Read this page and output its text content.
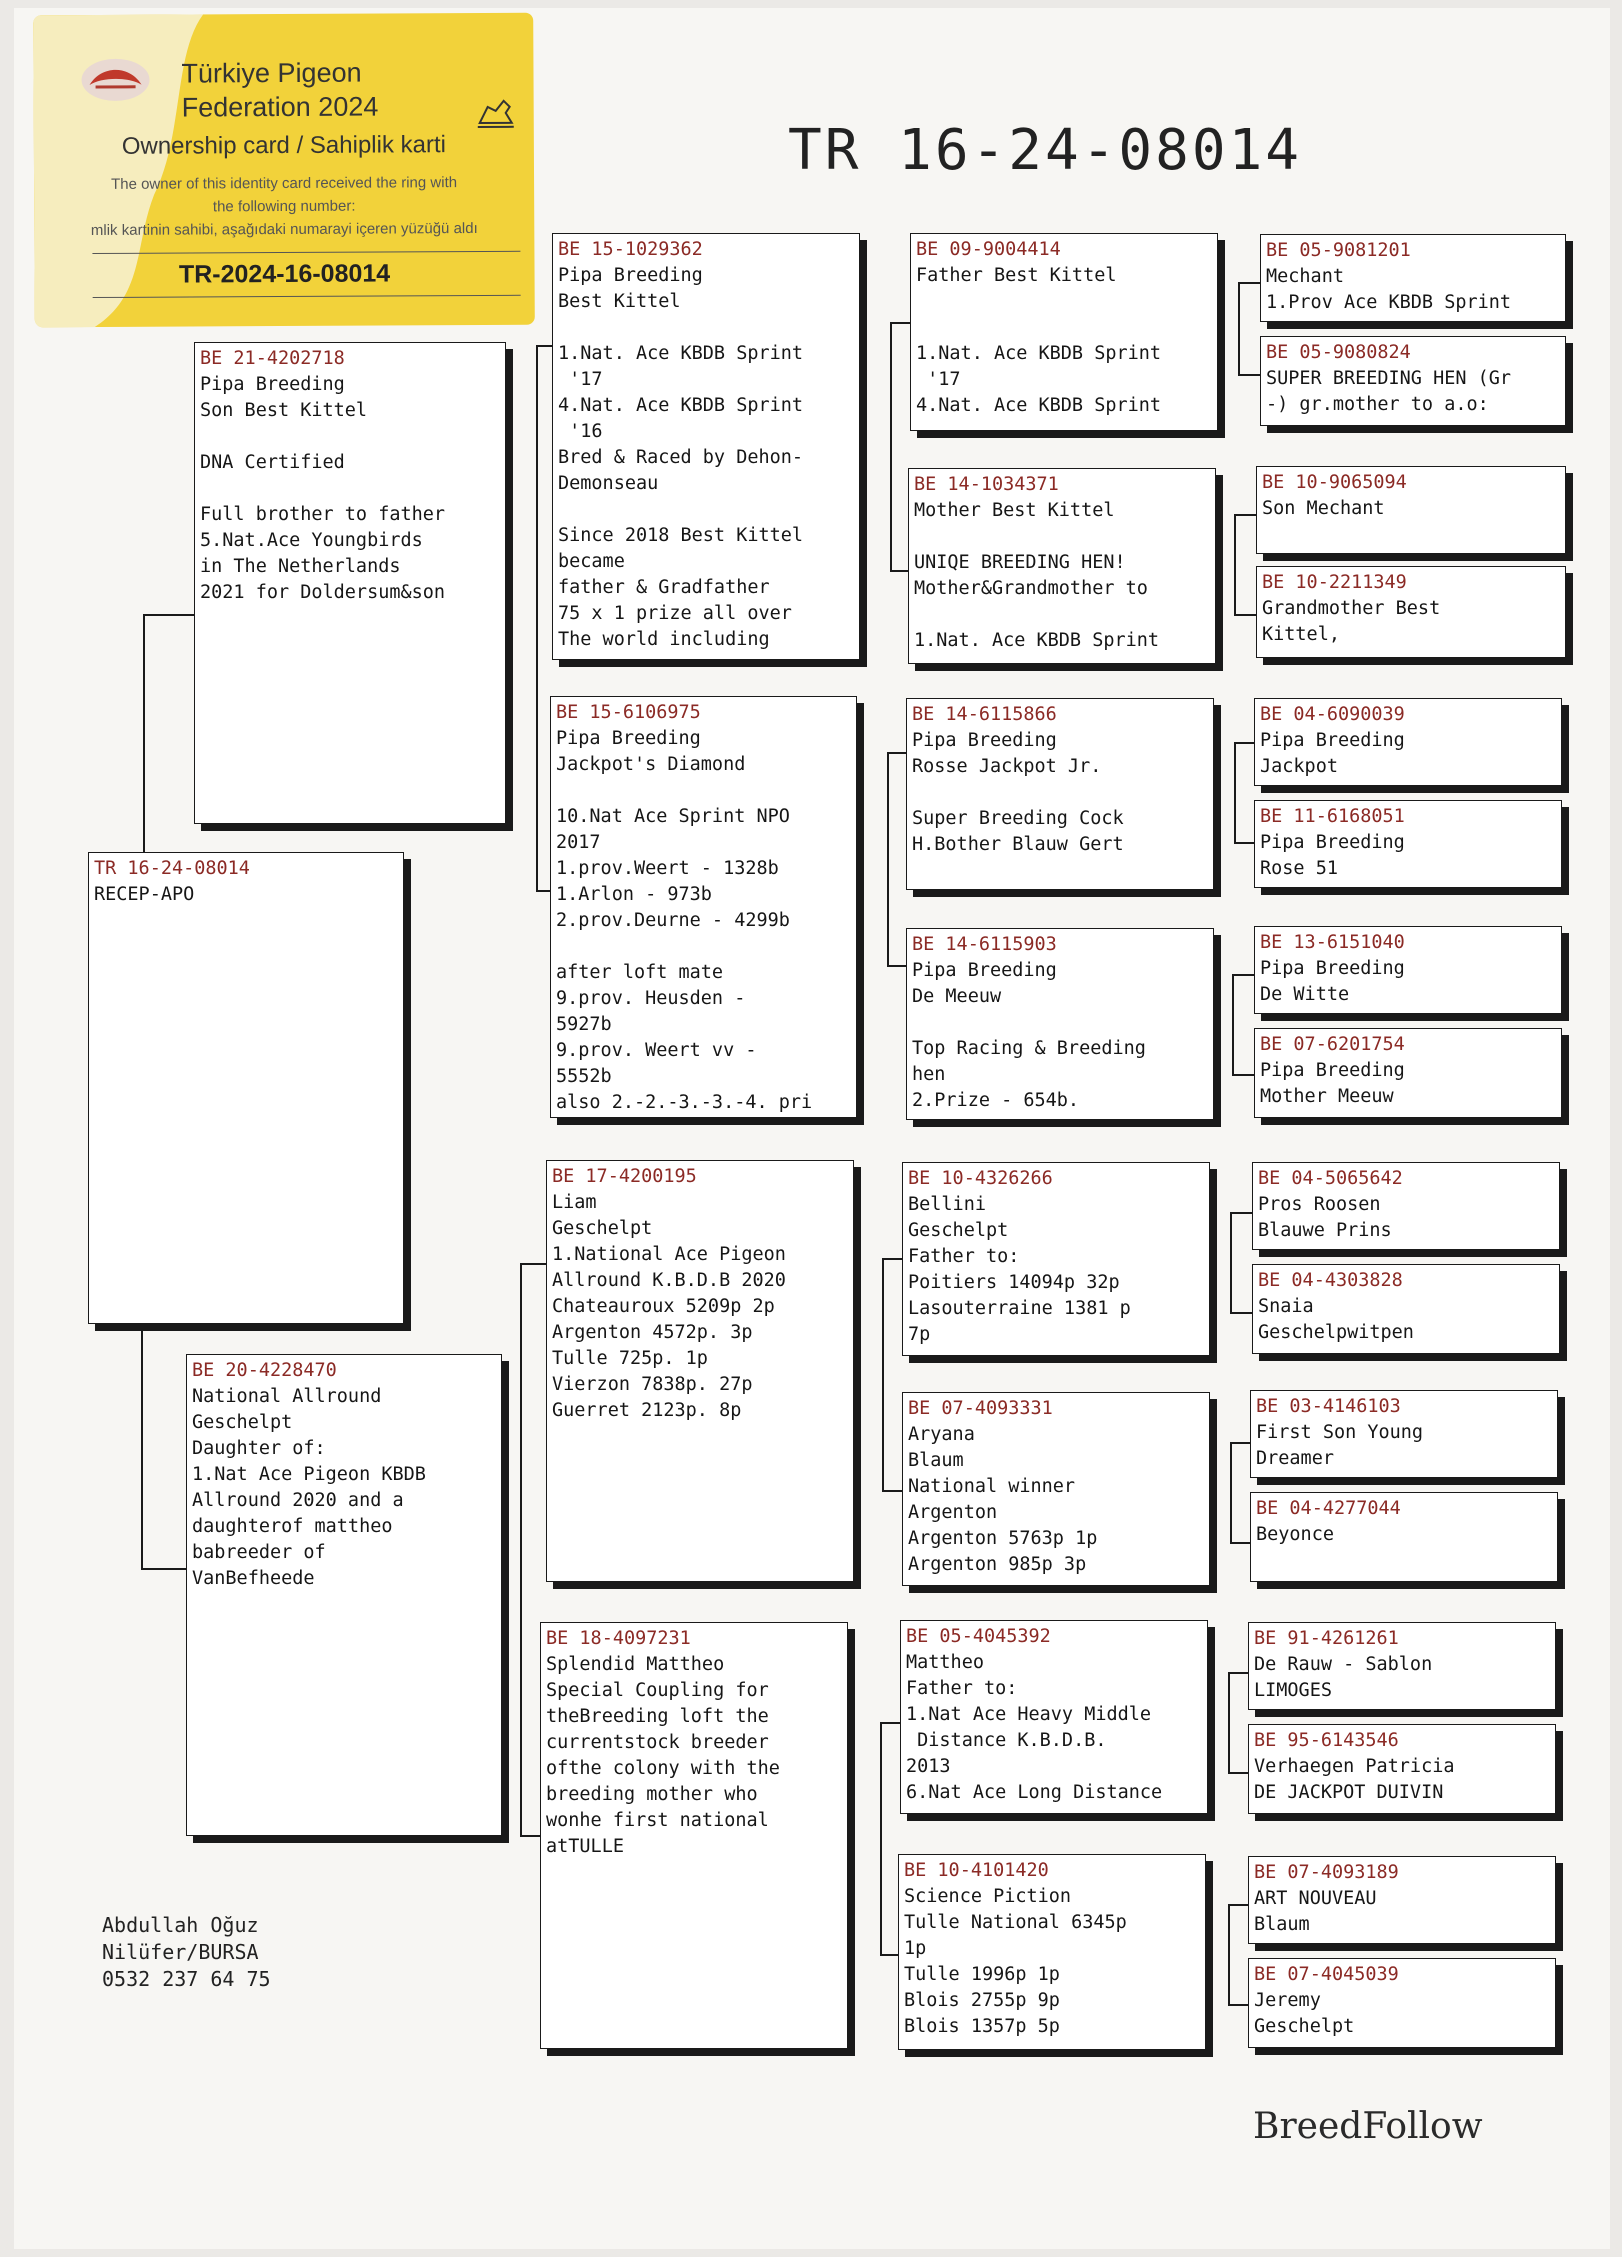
Türkiye Pigeon
Federation 2024
Ownership card / Sahiplik karti
The owner of this identity card received the ring with
the following number:
mlik kartinin sahibi, aşağıdaki numarayi içeren yüzüğü aldı
TR-2024-16-08014
TR 16-24-08014
TR 16-24-08014
RECEP-APO
BE 21-4202718
Pipa Breeding
Son Best Kittel

DNA Certified

Full brother to father
5.Nat.Ace Youngbirds
in The Netherlands
2021 for Doldersum&son
BE 20-4228470
National Allround
Geschelpt
Daughter of:
1.Nat Ace Pigeon KBDB
Allround 2020 and a
daughterof mattheo
babreeder of
VanBefheede
BE 15-1029362
Pipa Breeding
Best Kittel

1.Nat. Ace KBDB Sprint
'17
4.Nat. Ace KBDB Sprint
'16
Bred & Raced by Dehon-
Demonseau

Since 2018 Best Kittel
became
father & Gradfather
75 x 1 prize all over
The world including
BE 15-6106975
Pipa Breeding
Jackpot's Diamond

10.Nat Ace Sprint NPO
2017
1.prov.Weert - 1328b
1.Arlon - 973b
2.prov.Deurne - 4299b

after loft mate
9.prov. Heusden -
5927b
9.prov. Weert vv -
5552b
also 2.-2.-3.-3.-4. pri
BE 17-4200195
Liam
Geschelpt
1.National Ace Pigeon
Allround K.B.D.B 2020
Chateauroux 5209p 2p
Argenton 4572p. 3p
Tulle 725p. 1p
Vierzon 7838p. 27p
Guerret 2123p. 8p
BE 18-4097231
Splendid Mattheo
Special Coupling for
theBreeding loft the
currentstock breeder
ofthe colony with the
breeding mother who
wonhe first national
atTULLE
BE 09-9004414
Father Best Kittel

1.Nat. Ace KBDB Sprint
'17
4.Nat. Ace KBDB Sprint
BE 14-1034371
Mother Best Kittel

UNIQE BREEDING HEN!
Mother&Grandmother to

1.Nat. Ace KBDB Sprint
BE 14-6115866
Pipa Breeding
Rosse Jackpot Jr.

Super Breeding Cock
H.Bother Blauw Gert
BE 14-6115903
Pipa Breeding
De Meeuw

Top Racing & Breeding
hen
2.Prize - 654b.
BE 10-4326266
Bellini
Geschelpt
Father to:
Poitiers 14094p 32p
Lasouterraine 1381 p
7p
BE 07-4093331
Aryana
Blaum
National winner
Argenton
Argenton 5763p 1p
Argenton 985p 3p
BE 05-4045392
Mattheo
Father to:
1.Nat Ace Heavy Middle
Distance K.B.D.B.
2013
6.Nat Ace Long Distance
BE 10-4101420
Science Piction
Tulle National 6345p
1p
Tulle 1996p 1p
Blois 2755p 9p
Blois 1357p 5p
BE 05-9081201
Mechant
1.Prov Ace KBDB Sprint
BE 05-9080824
SUPER BREEDING HEN (Gr
-) gr.mother to a.o:
BE 10-9065094
Son Mechant
BE 10-2211349
Grandmother Best
Kittel,
BE 04-6090039
Pipa Breeding
Jackpot
BE 11-6168051
Pipa Breeding
Rose 51
BE 13-6151040
Pipa Breeding
De Witte
BE 07-6201754
Pipa Breeding
Mother Meeuw
BE 04-5065642
Pros Roosen
Blauwe Prins
BE 04-4303828
Snaia
Geschelpwitpen
BE 03-4146103
First Son Young
Dreamer
BE 04-4277044
Beyonce
BE 91-4261261
De Rauw - Sablon
LIMOGES
BE 95-6143546
Verhaegen Patricia
DE JACKPOT DUIVIN
BE 07-4093189
ART NOUVEAU
Blaum
BE 07-4045039
Jeremy
Geschelpt
Abdullah Oğuz
Nilüfer/BURSA
0532 237 64 75
BreedFollow
